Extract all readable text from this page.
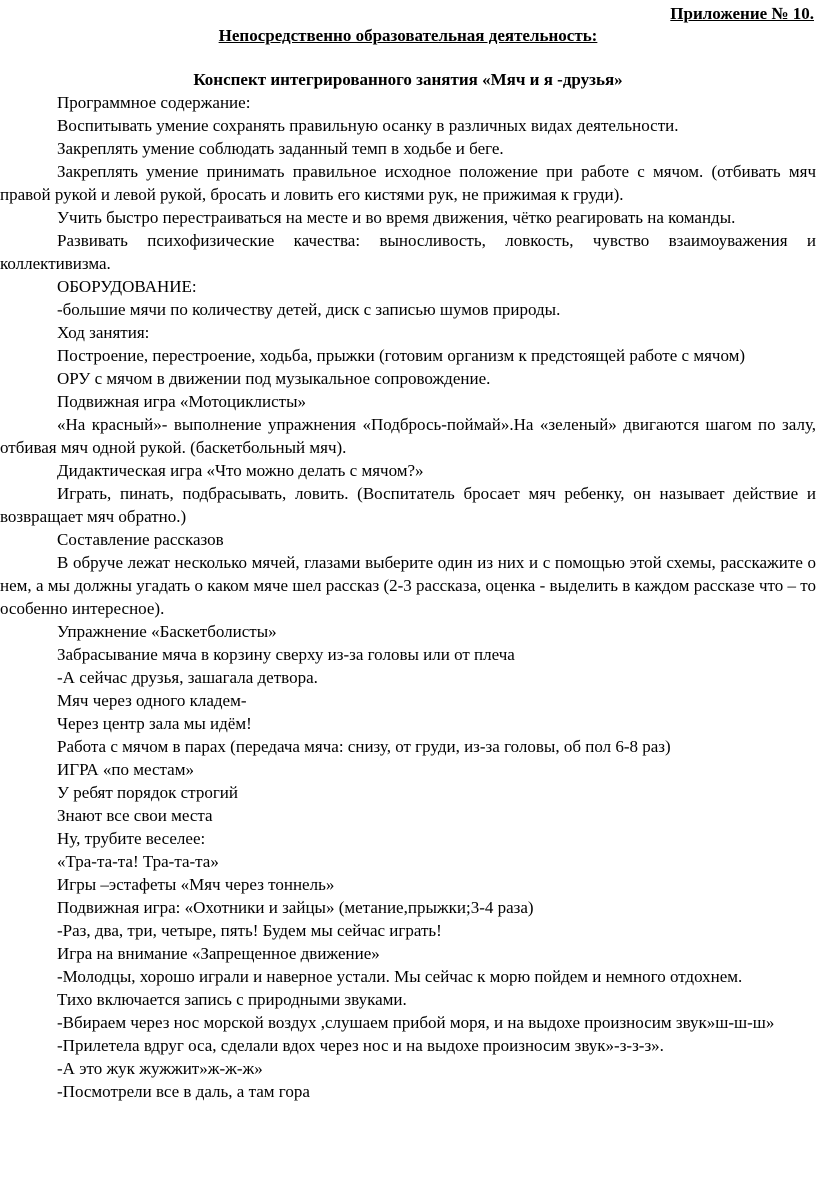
Приложение № 10.
Непосредственно образовательная деятельность:
Конспект интегрированного занятия «Мяч и я -друзья»

Программное содержание:

Воспитывать умение сохранять правильную осанку в различных видах деятельности.

Закреплять умение соблюдать заданный темп в ходьбе и беге.

Закреплять умение принимать правильное исходное положение при работе с мячом. (отбивать мяч правой рукой и левой рукой, бросать и ловить его кистями рук, не прижимая к груди).

Учить быстро перестраиваться на месте и во время движения, чётко реагировать на команды.

Развивать психофизические качества: выносливость, ловкость, чувство взаимоуважения и коллективизма.

ОБОРУДОВАНИЕ:

-большие мячи по количеству детей, диск с записью шумов природы.

Ход занятия:

Построение, перестроение, ходьба, прыжки (готовим организм к предстоящей работе с мячом)

ОРУ с мячом в движении под музыкальное сопровождение.

Подвижная игра «Мотоциклисты»

«На красный»- выполнение упражнения «Подбрось-поймай».На «зеленый» двигаются шагом по залу, отбивая мяч одной рукой. (баскетбольный мяч).

Дидактическая игра «Что можно делать с мячом?»

Играть, пинать, подбрасывать, ловить. (Воспитатель бросает мяч ребенку, он называет действие и возвращает мяч обратно.)

Составление рассказов

В обруче лежат несколько мячей, глазами выберите один из них и с помощью этой схемы, расскажите о нем, а мы должны угадать о каком мяче шел рассказ (2-3 рассказа, оценка - выделить в каждом рассказе что – то особенно интересное).

Упражнение «Баскетболисты»

Забрасывание мяча в корзину сверху из-за головы или от плеча

-А сейчас друзья, зашагала детвора.

Мяч через одного кладем-

Через центр зала мы идём!

Работа с мячом в парах (передача мяча: снизу, от груди, из-за головы, об пол 6-8 раз)

ИГРА «по местам»

У ребят порядок строгий

Знают все свои места

Ну, трубите веселее:

«Тра-та-та! Тра-та-та»

Игры –эстафеты «Мяч через тоннель»

Подвижная игра: «Охотники и зайцы» (метание,прыжки;3-4 раза)

-Раз, два, три, четыре, пять! Будем мы сейчас играть!

Игра на внимание «Запрещенное движение»

-Молодцы, хорошо играли и наверное устали. Мы сейчас к морю пойдем и немного отдохнем.

Тихо включается запись с природными звуками.

-Вбираем через нос морской воздух ,слушаем прибой моря, и на выдохе произносим звук»ш-ш-ш»

-Прилетела вдруг оса, сделали вдох через нос и на выдохе произносим звук»-з-з-з».

-А это жук жужжит»ж-ж-ж»

-Посмотрели все в даль, а там гора
